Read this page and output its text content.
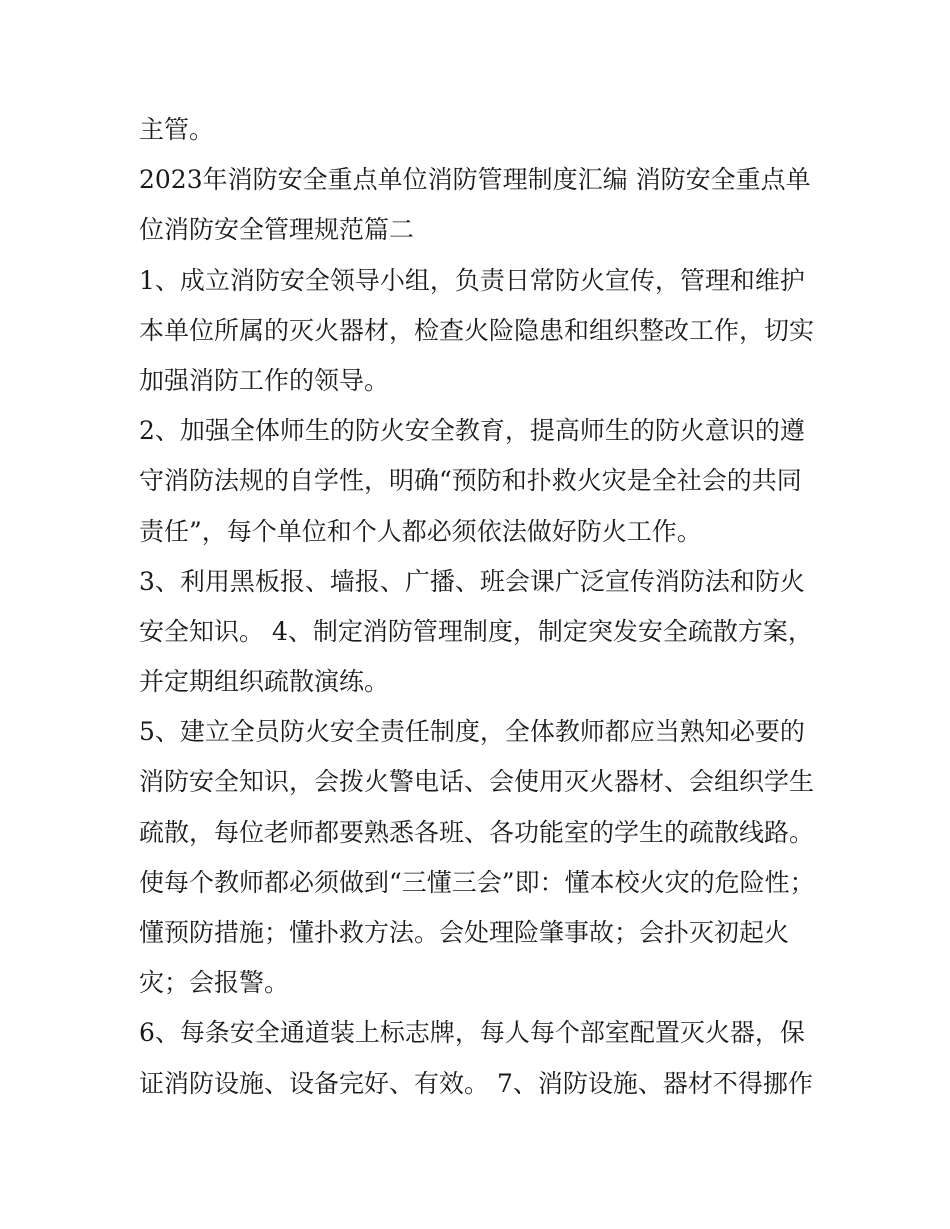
主管。
2023年消防安全重点单位消防管理制度汇编 消防安全重点单
位消防安全管理规范篇二
1、成立消防安全领导小组，负责日常防火宣传，管理和维护
本单位所属的灭火器材，检查火险隐患和组织整改工作，切实
加强消防工作的领导。
2、加强全体师生的防火安全教育，提高师生的防火意识的遵
守消防法规的自学性，明确“预防和扑救火灾是全社会的共同
责任”，每个单位和个人都必须依法做好防火工作。
3、利用黑板报、墙报、广播、班会课广泛宣传消防法和防火
安全知识。 4、制定消防管理制度，制定突发安全疏散方案，
并定期组织疏散演练。
5、建立全员防火安全责任制度，全体教师都应当熟知必要的
消防安全知识，会拨火警电话、会使用灭火器材、会组织学生
疏散，每位老师都要熟悉各班、各功能室的学生的疏散线路。
使每个教师都必须做到“三懂三会”即：懂本校火灾的危险性；
懂预防措施；懂扑救方法。会处理险肇事故；会扑灭初起火
灾；会报警。
6、每条安全通道装上标志牌，每人每个部室配置灭火器，保
证消防设施、设备完好、有效。 7、消防设施、器材不得挪作
